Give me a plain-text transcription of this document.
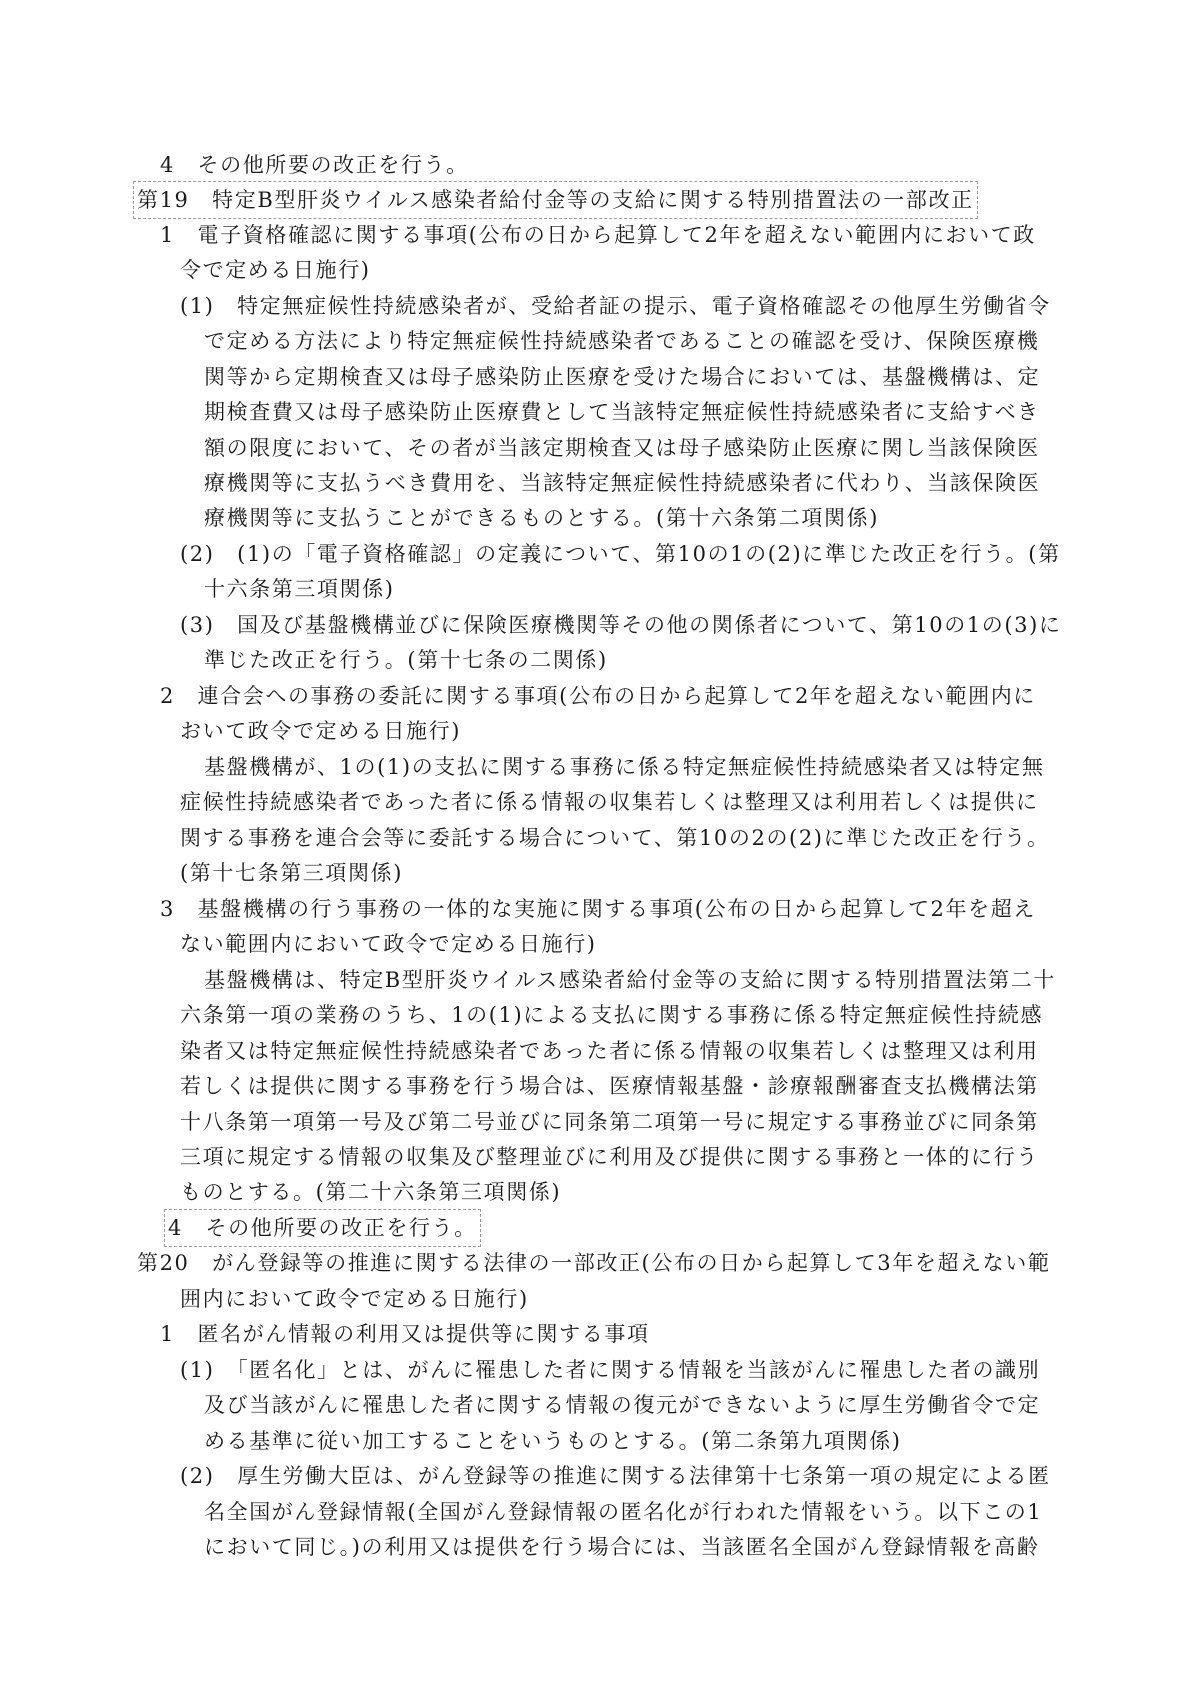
4　その他所要の改正を行う。
第19　特定B型肝炎ウイルス感染者給付金等の支給に関する特別措置法の一部改正
1　電子資格確認に関する事項(公布の日から起算して2年を超えない範囲内において政
令で定める日施行)
(1)　特定無症候性持続感染者が、受給者証の提示、電子資格確認その他厚生労働省令
で定める方法により特定無症候性持続感染者であることの確認を受け、保険医療機
関等から定期検査又は母子感染防止医療を受けた場合においては、基盤機構は、定
期検査費又は母子感染防止医療費として当該特定無症候性持続感染者に支給すべき
額の限度において、その者が当該定期検査又は母子感染防止医療に関し当該保険医
療機関等に支払うべき費用を、当該特定無症候性持続感染者に代わり、当該保険医
療機関等に支払うことができるものとする。(第十六条第二項関係)
(2)　(1)の「電子資格確認」の定義について、第10の1の(2)に準じた改正を行う。(第
十六条第三項関係)
(3)　国及び基盤機構並びに保険医療機関等その他の関係者について、第10の1の(3)に
準じた改正を行う。(第十七条の二関係)
2　連合会への事務の委託に関する事項(公布の日から起算して2年を超えない範囲内に
おいて政令で定める日施行)
基盤機構が、1の(1)の支払に関する事務に係る特定無症候性持続感染者又は特定無
症候性持続感染者であった者に係る情報の収集若しくは整理又は利用若しくは提供に
関する事務を連合会等に委託する場合について、第10の2の(2)に準じた改正を行う。
(第十七条第三項関係)
3　基盤機構の行う事務の一体的な実施に関する事項(公布の日から起算して2年を超え
ない範囲内において政令で定める日施行)
基盤機構は、特定B型肝炎ウイルス感染者給付金等の支給に関する特別措置法第二十
六条第一項の業務のうち、1の(1)による支払に関する事務に係る特定無症候性持続感
染者又は特定無症候性持続感染者であった者に係る情報の収集若しくは整理又は利用
若しくは提供に関する事務を行う場合は、医療情報基盤・診療報酬審査支払機構法第
十八条第一項第一号及び第二号並びに同条第二項第一号に規定する事務並びに同条第
三項に規定する情報の収集及び整理並びに利用及び提供に関する事務と一体的に行う
ものとする。(第二十六条第三項関係)
4　その他所要の改正を行う。
第20　がん登録等の推進に関する法律の一部改正(公布の日から起算して3年を超えない範
囲内において政令で定める日施行)
1　匿名がん情報の利用又は提供等に関する事項
(1)　「匿名化」とは、がんに罹患した者に関する情報を当該がんに罹患した者の識別
及び当該がんに罹患した者に関する情報の復元ができないように厚生労働省令で定
める基準に従い加工することをいうものとする。(第二条第九項関係)
(2)　厚生労働大臣は、がん登録等の推進に関する法律第十七条第一項の規定による匿
名全国がん登録情報(全国がん登録情報の匿名化が行われた情報をいう。以下この1
において同じ。)の利用又は提供を行う場合には、当該匿名全国がん登録情報を高齢
